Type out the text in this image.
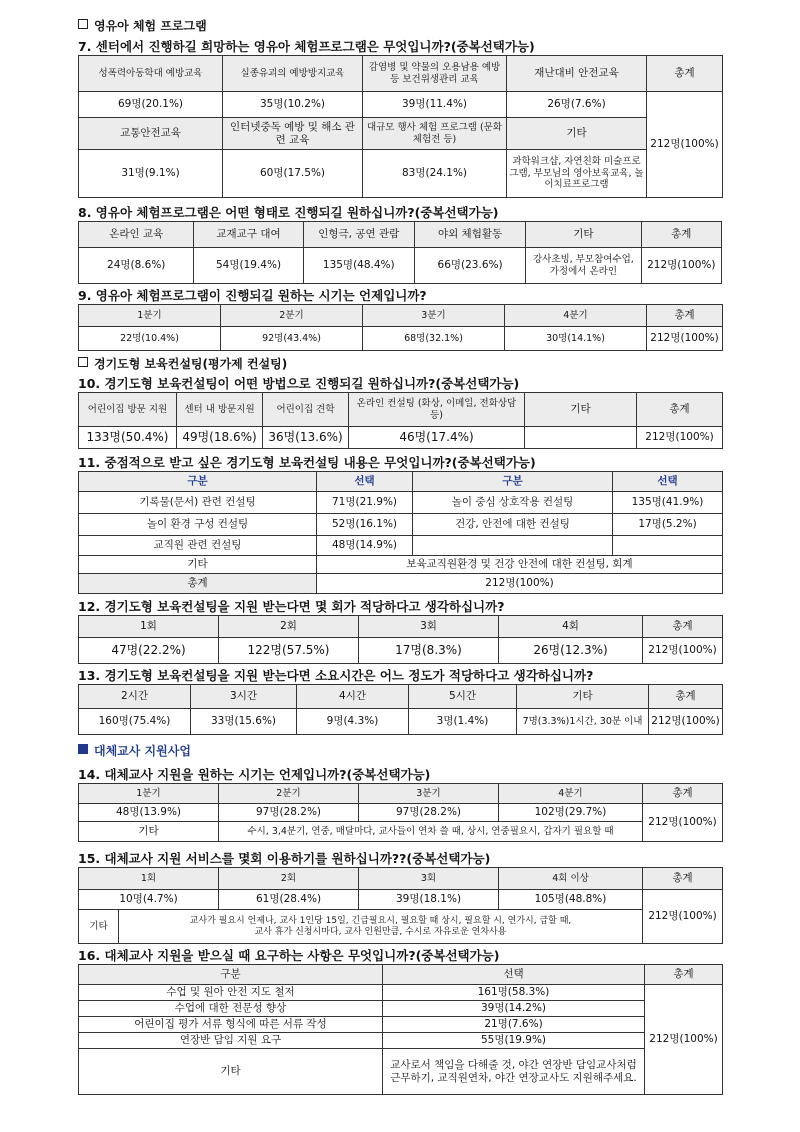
영유아 체험 프로그램
7. 센터에서 진행하길 희망하는 영유아 체험프로그램은 무엇입니까?(중복선택가능)
성폭력아동학대 예방교육	실종유괴의 예방방지교육	감염병 및 약물의 오용남용 예방 등 보건위생관리 교육	재난대비 안전교육	총계
69명(20.1%)	35명(10.2%)	39명(11.4%)	26명(7.6%)	212명(100%)
교통안전교육	인터넷중독 예방 및 해소 관련 교육	대규모 행사 체험 프로그램 (문화체험전 등)	기타	
31명(9.1%)	60명(17.5%)	83명(24.1%)	과학워크샵, 자연친화 미술프로그램, 부모님의 영아보육교육, 놀이치료프로그램	
8. 영유아 체험프로그램은 어떤 형태로 진행되길 원하십니까?(중복선택가능)
온라인 교육	교재교구 대여	인형극, 공연 관람	야외 체험활동	기타	총계
24명(8.6%)	54명(19.4%)	135명(48.4%)	66명(23.6%)	강사초빙, 부모참여수업, 가정에서 온라인	212명(100%)
9. 영유아 체험프로그램이 진행되길 원하는 시기는 언제입니까?
1분기	2분기	3분기	4분기	총계
22명(10.4%)	92명(43.4%)	68명(32.1%)	30명(14.1%)	212명(100%)
경기도형 보육컨설팅(평가제 컨설팅)
10. 경기도형 보육컨설팅이 어떤 방법으로 진행되길 원하십니까?(중복선택가능)
어린이집 방문 지원	센터 내 방문지원	어린이집 견학	온라인 컨설팅 (화상, 이메일, 전화상담 등)	기타	총계
133명(50.4%)	49명(18.6%)	36명(13.6%)	46명(17.4%)		212명(100%)
11. 중점적으로 받고 싶은 경기도형 보육컨설팅 내용은 무엇입니까?(중복선택가능)
구분	선택	구분	선택
기록물(문서) 관련 컨설팅	71명(21.9%)	놀이 중심 상호작용 컨설팅	135명(41.9%)
놀이 환경 구성 컨설팅	52명(16.1%)	건강, 안전에 대한 컨설팅	17명(5.2%)
교직원 관련 컨설팅	48명(14.9%)		
기타	보육교직원환경 및 건강 안전에 대한 컨설팅, 회계		
총계	212명(100%)		
12. 경기도형 보육컨설팅을 지원 받는다면 몇 회가 적당하다고 생각하십니까?
1회	2회	3회	4회	총계
47명(22.2%)	122명(57.5%)	17명(8.3%)	26명(12.3%)	212명(100%)
13. 경기도형 보육컨설팅을 지원 받는다면 소요시간은 어느 정도가 적당하다고 생각하십니까?
2시간	3시간	4시간	5시간	기타	총계
160명(75.4%)	33명(15.6%)	9명(4.3%)	3명(1.4%)	7명(3.3%)1시간, 30분 이내	212명(100%)
대체교사 지원사업
14. 대체교사 지원을 원하는 시기는 언제입니까?(중복선택가능)
1분기	2분기	3분기	4분기	총계
48명(13.9%)	97명(28.2%)	97명(28.2%)	102명(29.7%)	212명(100%)
기타	수시, 3,4분기, 연중, 매달마다, 교사들이 연차 쓸 때, 상시, 연중필요시, 갑자기 필요할 때			
15. 대체교사 지원 서비스를 몇회 이용하기를 원하십니까??(중복선택가능)
1회		2회	3회	4회 이상	총계
10명(4.7%)		61명(28.4%)	39명(18.1%)	105명(48.8%)	212명(100%)
기타	교사가 필요시 언제나, 교사 1인당 15일, 긴급필요시, 필요할 때 상시, 필요할 시, 연가시, 급할 때,
교사 휴가 신청시마다, 교사 인원만큼, 수시로 자유로운 연차사용				
16. 대체교사 지원을 받으실 때 요구하는 사항은 무엇입니까?(중복선택가능)
구분	선택	총계
수업 및 원아 안전 지도 철저	161명(58.3%)	212명(100%)
수업에 대한 전문성 향상	39명(14.2%)	
어린이집 평가 서류 형식에 따른 서류 작성	21명(7.6%)	
연장반 담임 지원 요구	55명(19.9%)	
기타	교사로서 책임을 다해줄 것, 야간 연장반 담임교사처럼 근무하기, 교직원연차, 야간 연장교사도 지원해주세요.	
